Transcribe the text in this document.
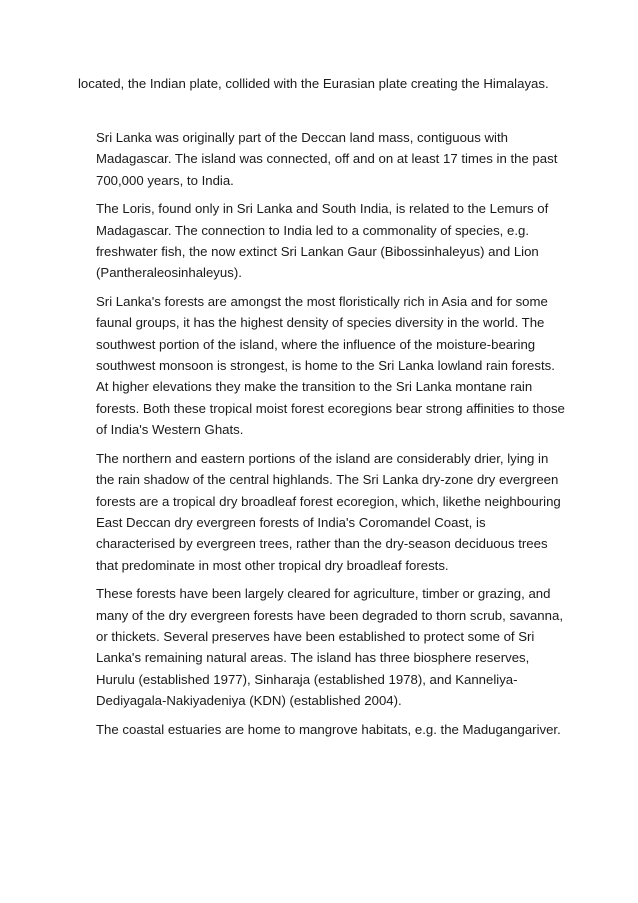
located, the Indian plate, collided with the Eurasian plate creating the Himalayas.

Sri Lanka was originally part of the Deccan land mass, contiguous with Madagascar. The island was connected, off and on at least 17 times in the past 700,000 years, to India.

The Loris, found only in Sri Lanka and South India, is related to the Lemurs of Madagascar. The connection to India led to a commonality of species, e.g. freshwater fish, the now extinct Sri Lankan Gaur (Bibossinhaleyus) and Lion (Pantheraleosinhaleyus).

Sri Lanka's forests are amongst the most floristically rich in Asia and for some faunal groups, it has the highest density of species diversity in the world. The southwest portion of the island, where the influence of the moisture-bearing southwest monsoon is strongest, is home to the Sri Lanka lowland rain forests. At higher elevations they make the transition to the Sri Lanka montane rain forests. Both these tropical moist forest ecoregions bear strong affinities to those of India's Western Ghats.

The northern and eastern portions of the island are considerably drier, lying in the rain shadow of the central highlands. The Sri Lanka dry-zone dry evergreen forests are a tropical dry broadleaf forest ecoregion, which, likethe neighbouring East Deccan dry evergreen forests of India's Coromandel Coast, is characterised by evergreen trees, rather than the dry-season deciduous trees that predominate in most other tropical dry broadleaf forests.

These forests have been largely cleared for agriculture, timber or grazing, and many of the dry evergreen forests have been degraded to thorn scrub, savanna, or thickets. Several preserves have been established to protect some of Sri Lanka's remaining natural areas. The island has three biosphere reserves, Hurulu (established 1977), Sinharaja (established 1978), and Kanneliya-Dediyagala-Nakiyadeniya (KDN) (established 2004).

The coastal estuaries are home to mangrove habitats, e.g. the Madugangariver.
